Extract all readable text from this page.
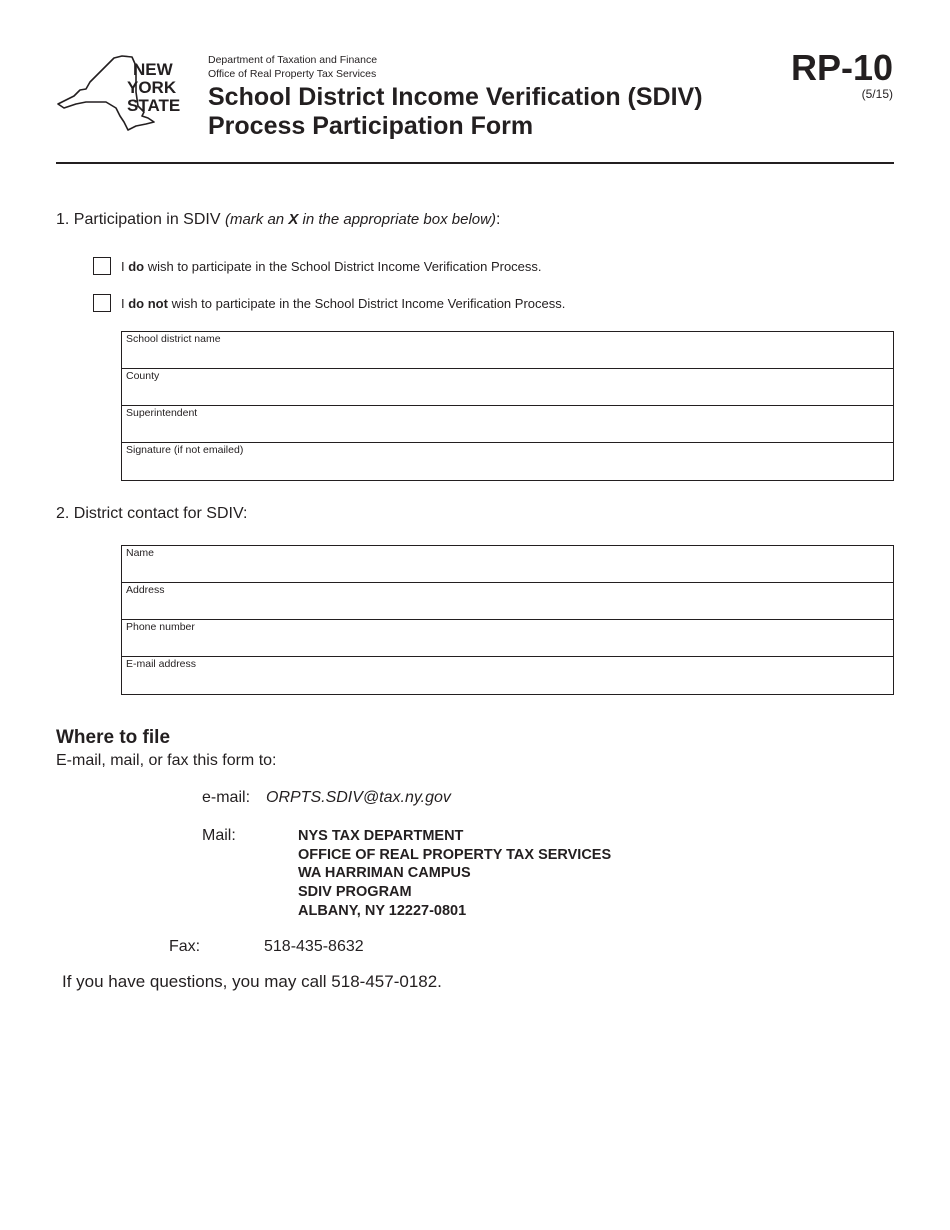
NEW
YORK
STATE
Department of Taxation and Finance
Office of Real Property Tax Services
School District Income Verification (SDIV)
Process Participation Form
RP-10
(5/15)
1. Participation in SDIV (mark an X in the appropriate box below):
I do wish to participate in the School District Income Verification Process.
I do not wish to participate in the School District Income Verification Process.
School district name
County
Superintendent
Signature (if not emailed)
2. District contact for SDIV:
Name
Address
Phone number
E-mail address
Where to file
E-mail, mail, or fax this form to:
e-mail: ORPTS.SDIV@tax.ny.gov
Mail:	NYS TAX DEPARTMENT
OFFICE OF REAL PROPERTY TAX SERVICES
WA HARRIMAN CAMPUS
SDIV PROGRAM
ALBANY, NY 12227-0801
Fax:	518-435-8632
If you have questions, you may call 518-457-0182.
